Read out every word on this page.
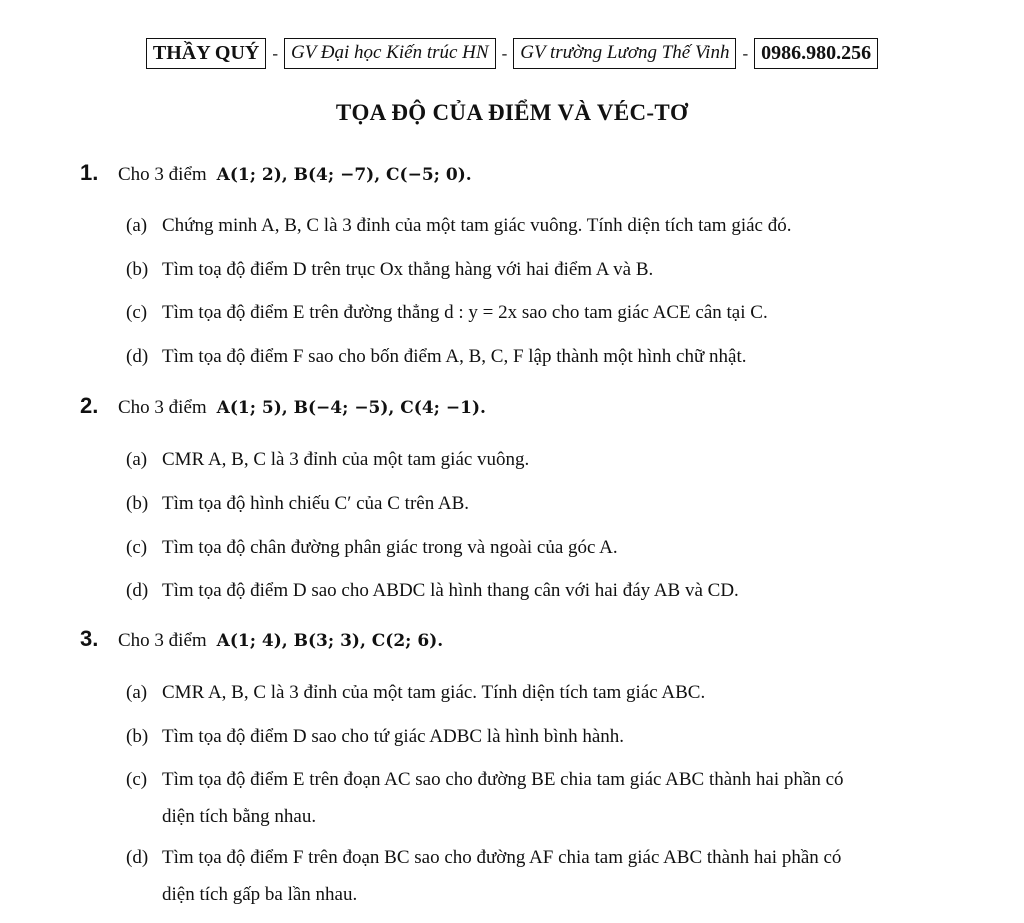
THẦY QUÝ - GV Đại học Kiến trúc HN - GV trường Lương Thế Vinh - 0986.980.256
TỌA ĐỘ CỦA ĐIỂM VÀ VÉC-TƠ
1. Cho 3 điểm A(1; 2), B(4; −7), C(−5; 0).
(a) Chứng minh A, B, C là 3 đỉnh của một tam giác vuông. Tính diện tích tam giác đó.
(b) Tìm toạ độ điểm D trên trục Ox thẳng hàng với hai điểm A và B.
(c) Tìm tọa độ điểm E trên đường thẳng d : y = 2x sao cho tam giác ACE cân tại C.
(d) Tìm tọa độ điểm F sao cho bốn điểm A, B, C, F lập thành một hình chữ nhật.
2. Cho 3 điểm A(1; 5), B(−4; −5), C(4; −1).
(a) CMR A, B, C là 3 đỉnh của một tam giác vuông.
(b) Tìm tọa độ hình chiếu C′ của C trên AB.
(c) Tìm tọa độ chân đường phân giác trong và ngoài của góc A.
(d) Tìm tọa độ điểm D sao cho ABDC là hình thang cân với hai đáy AB và CD.
3. Cho 3 điểm A(1; 4), B(3; 3), C(2; 6).
(a) CMR A, B, C là 3 đỉnh của một tam giác. Tính diện tích tam giác ABC.
(b) Tìm tọa độ điểm D sao cho tứ giác ADBC là hình bình hành.
(c) Tìm tọa độ điểm E trên đoạn AC sao cho đường BE chia tam giác ABC thành hai phần có
diện tích bằng nhau.
(d) Tìm tọa độ điểm F trên đoạn BC sao cho đường AF chia tam giác ABC thành hai phần có
diện tích gấp ba lần nhau.
